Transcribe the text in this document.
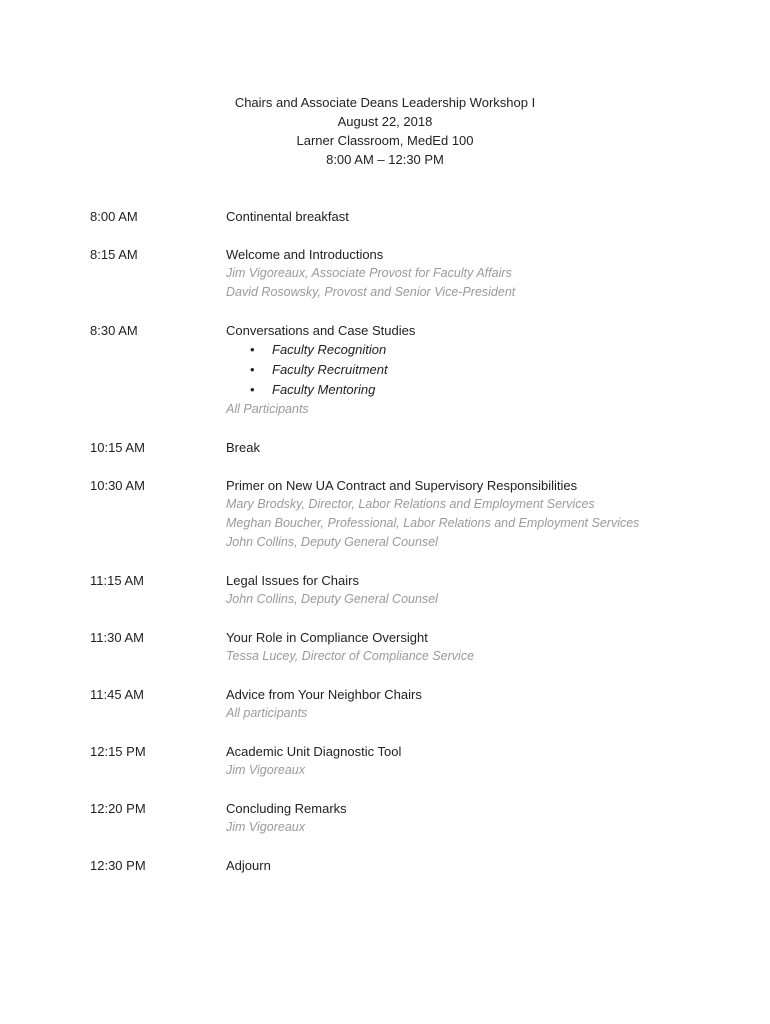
Chairs and Associate Deans Leadership Workshop I
August 22, 2018
Larner Classroom, MedEd 100
8:00 AM – 12:30 PM
8:00 AM	Continental breakfast
8:15 AM	Welcome and Introductions
Jim Vigoreaux, Associate Provost for Faculty Affairs
David Rosowsky, Provost and Senior Vice-President
8:30 AM	Conversations and Case Studies
• Faculty Recognition
• Faculty Recruitment
• Faculty Mentoring
All Participants
10:15 AM	Break
10:30 AM	Primer on New UA Contract and Supervisory Responsibilities
Mary Brodsky, Director, Labor Relations and Employment Services
Meghan Boucher, Professional, Labor Relations and Employment Services
John Collins, Deputy General Counsel
11:15 AM	Legal Issues for Chairs
John Collins, Deputy General Counsel
11:30 AM	Your Role in Compliance Oversight
Tessa Lucey, Director of Compliance Service
11:45 AM	Advice from Your Neighbor Chairs
All participants
12:15 PM	Academic Unit Diagnostic Tool
Jim Vigoreaux
12:20 PM	Concluding Remarks
Jim Vigoreaux
12:30 PM	Adjourn
